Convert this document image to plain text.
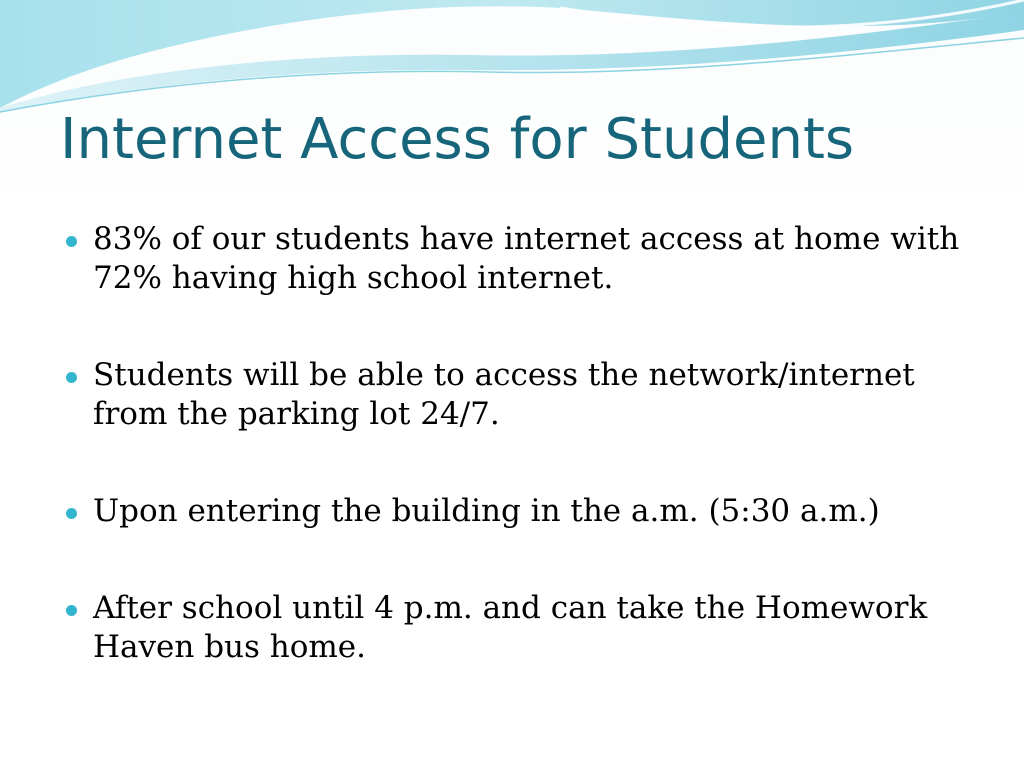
Internet Access for Students
83% of our students have internet access at home with 72% having high school internet.
Students will be able to access the network/internet from the parking lot 24/7.
Upon entering the building in the a.m. (5:30 a.m.)
After school until 4 p.m. and can take the Homework Haven bus home.
